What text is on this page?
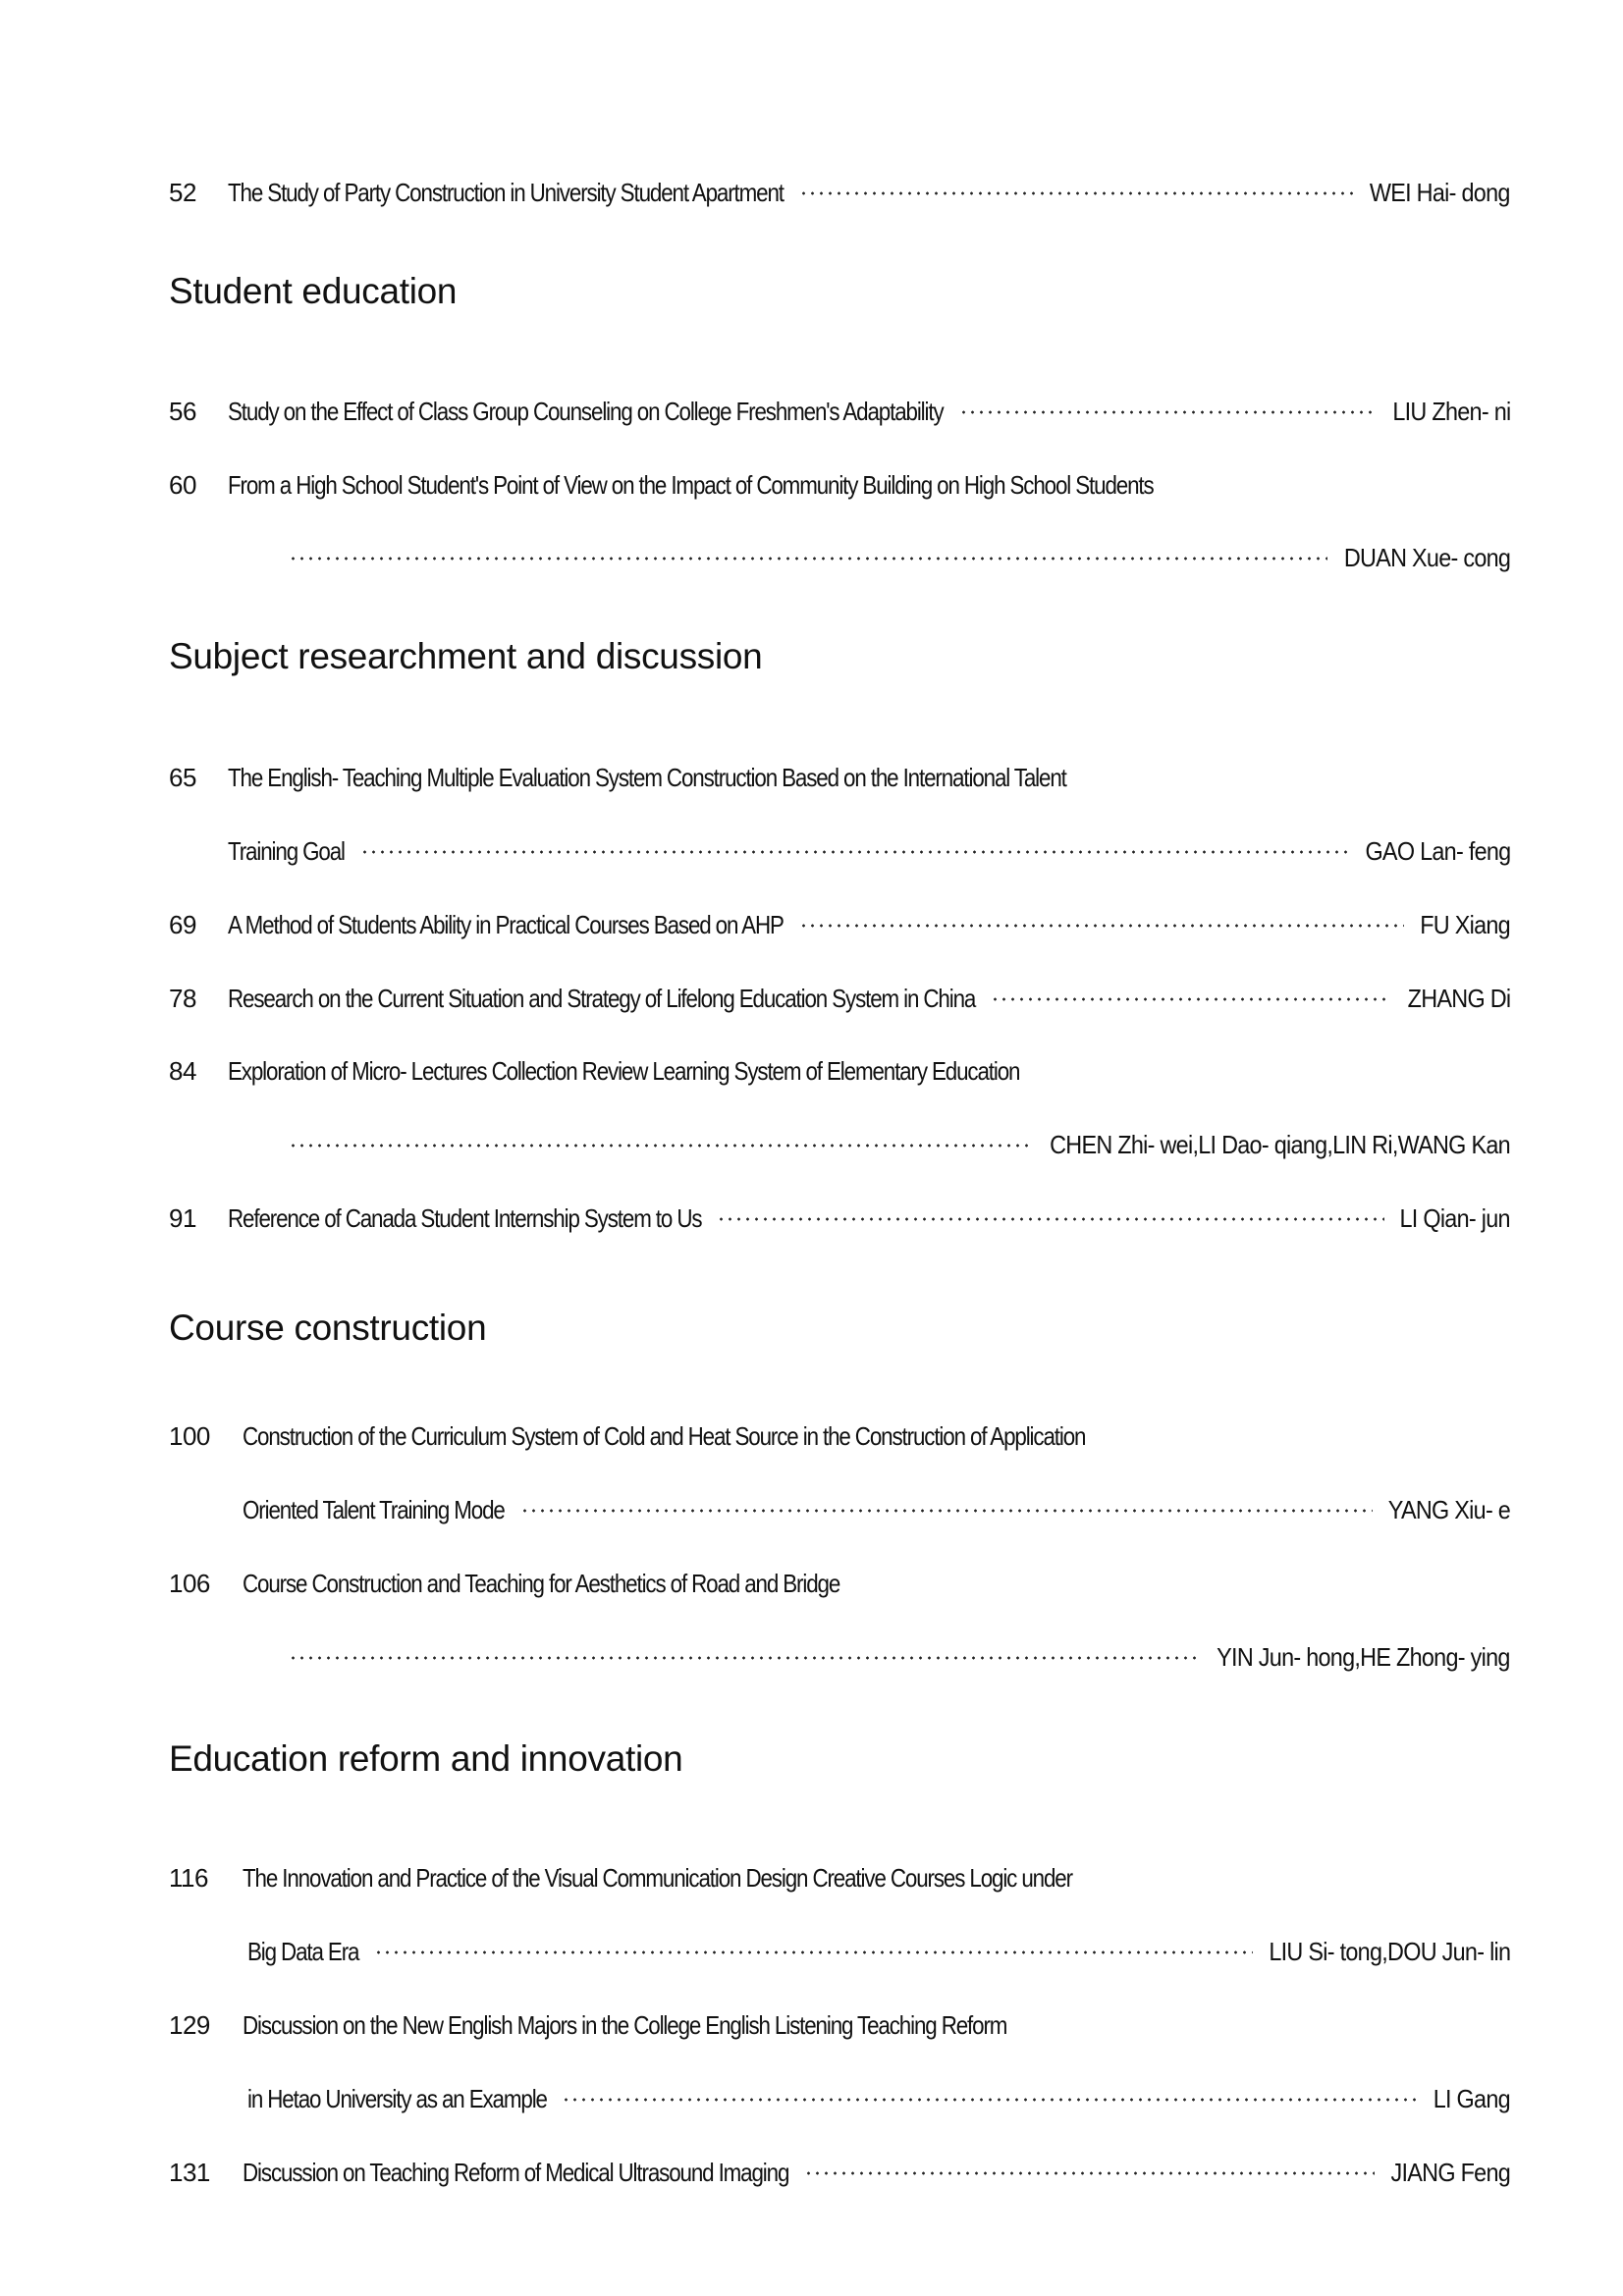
52	The Study of Party Construction in University Student Apartment	WEI Hai- dong
Student education
56	Study on the Effect of Class Group Counseling on College Freshmen's Adaptability	LIU Zhen- ni
60	From a High School Student's Point of View on the Impact of Community Building on High School Students
DUAN Xue- cong
Subject researchment and discussion
65	The English- Teaching Multiple Evaluation System Construction Based on the International Talent
Training Goal	GAO Lan- feng
69	A Method of Students Ability in Practical Courses Based on AHP	FU Xiang
78	Research on the Current Situation and Strategy of Lifelong Education System in China	ZHANG Di
84	Exploration of Micro- Lectures Collection Review Learning System of Elementary Education
CHEN Zhi- wei,LI Dao- qiang,LIN Ri,WANG Kan
91	Reference of Canada Student Internship System to Us	LI Qian- jun
Course construction
100	Construction of the Curriculum System of Cold and Heat Source in the Construction of Application
Oriented Talent Training Mode	YANG Xiu- e
106	Course Construction and Teaching for Aesthetics of Road and Bridge
YIN Jun- hong,HE Zhong- ying
Education reform and innovation
116	The Innovation and Practice of the Visual Communication Design Creative Courses Logic under
Big Data Era	LIU Si- tong,DOU Jun- lin
129	Discussion on the New English Majors in the College English Listening Teaching Reform
in Hetao University as an Example	LI Gang
131	Discussion on Teaching Reform of Medical Ultrasound Imaging	JIANG Feng
